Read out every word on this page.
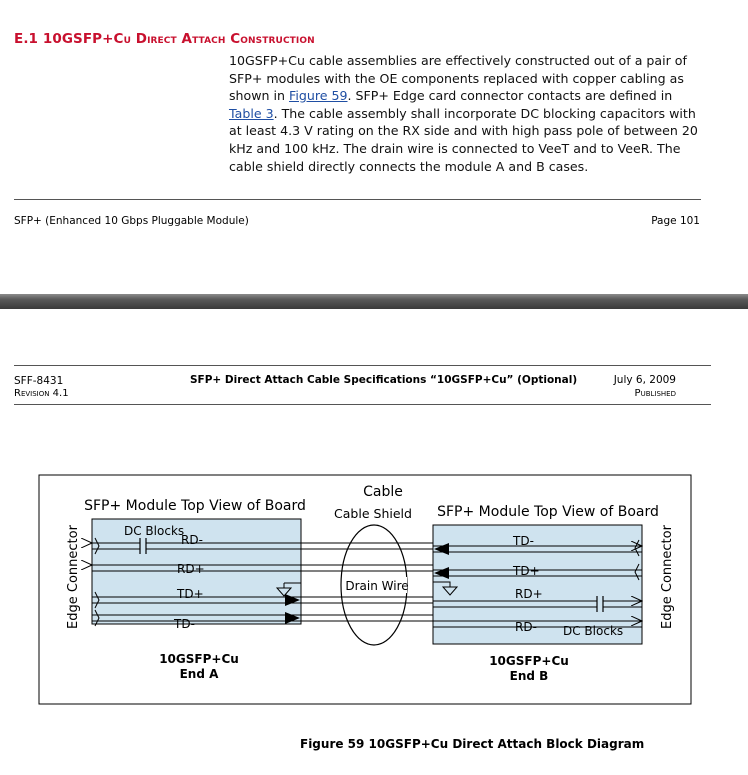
E.1 10GSFP+Cu Direct Attach Construction
10GSFP+Cu cable assemblies are effectively constructed out of a pair of SFP+ modules with the OE components replaced with copper cabling as shown in Figure 59. SFP+ Edge card connector contacts are defined in Table 3. The cable assembly shall incorporate DC blocking capacitors with at least 4.3 V rating on the RX side and with high pass pole of between 20 kHz and 100 kHz. The drain wire is connected to VeeT and to VeeR. The cable shield directly connects the module A and B cases.
SFP+ (Enhanced 10 Gbps Pluggable Module)	Page 101
SFF-8431
Revision 4.1
SFP+ Direct Attach Cable Specifications “10GSFP+Cu” (Optional)	July 6, 2009
Published
Edge Connector	Edge Connector
SFP+ Module Top View of Board	SFP+ Module Top View of Board
Cable
Cable Shield
Drain Wire
DC Blocks
RD-
RD+
TD+
TD-
10GSFP+Cu
End A
TD-
TD+
RD+
RD- DC Blocks
10GSFP+Cu
End B
Figure 59 10GSFP+Cu Direct Attach Block Diagram
